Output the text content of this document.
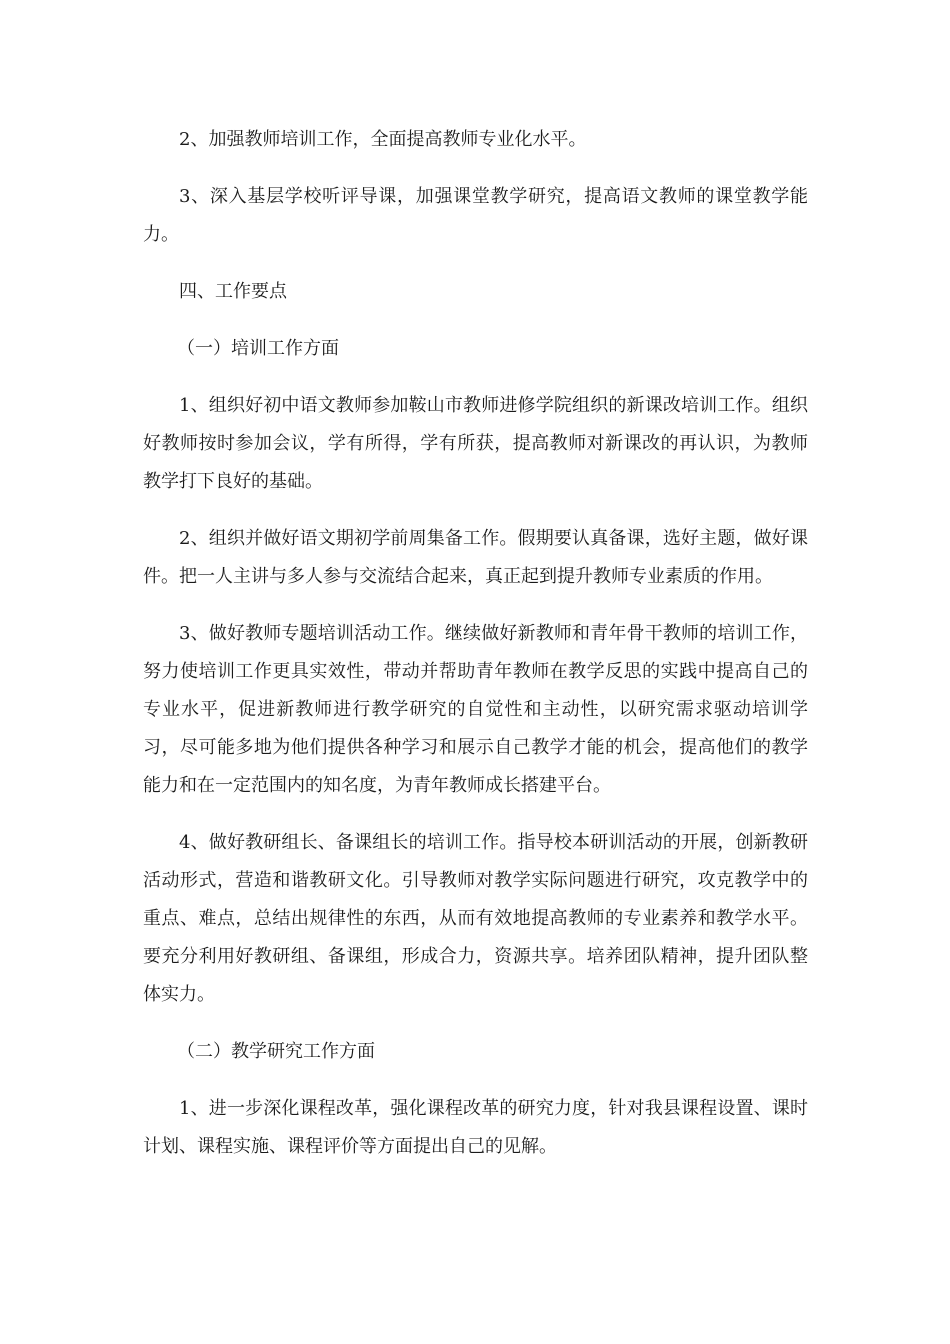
2、加强教师培训工作，全面提高教师专业化水平。

3、深入基层学校听评导课，加强课堂教学研究，提高语文教师的课堂教学能力。

四、工作要点

（一）培训工作方面

1、组织好初中语文教师参加鞍山市教师进修学院组织的新课改培训工作。组织好教师按时参加会议，学有所得，学有所获，提高教师对新课改的再认识，为教师教学打下良好的基础。

2、组织并做好语文期初学前周集备工作。假期要认真备课，选好主题，做好课件。把一人主讲与多人参与交流结合起来，真正起到提升教师专业素质的作用。

3、做好教师专题培训活动工作。继续做好新教师和青年骨干教师的培训工作，努力使培训工作更具实效性，带动并帮助青年教师在教学反思的实践中提高自己的专业水平，促进新教师进行教学研究的自觉性和主动性，以研究需求驱动培训学习，尽可能多地为他们提供各种学习和展示自己教学才能的机会，提高他们的教学能力和在一定范围内的知名度，为青年教师成长搭建平台。

4、做好教研组长、备课组长的培训工作。指导校本研训活动的开展，创新教研活动形式，营造和谐教研文化。引导教师对教学实际问题进行研究，攻克教学中的重点、难点，总结出规律性的东西，从而有效地提高教师的专业素养和教学水平。要充分利用好教研组、备课组，形成合力，资源共享。培养团队精神，提升团队整体实力。

（二）教学研究工作方面

1、进一步深化课程改革，强化课程改革的研究力度，针对我县课程设置、课时计划、课程实施、课程评价等方面提出自己的见解。
